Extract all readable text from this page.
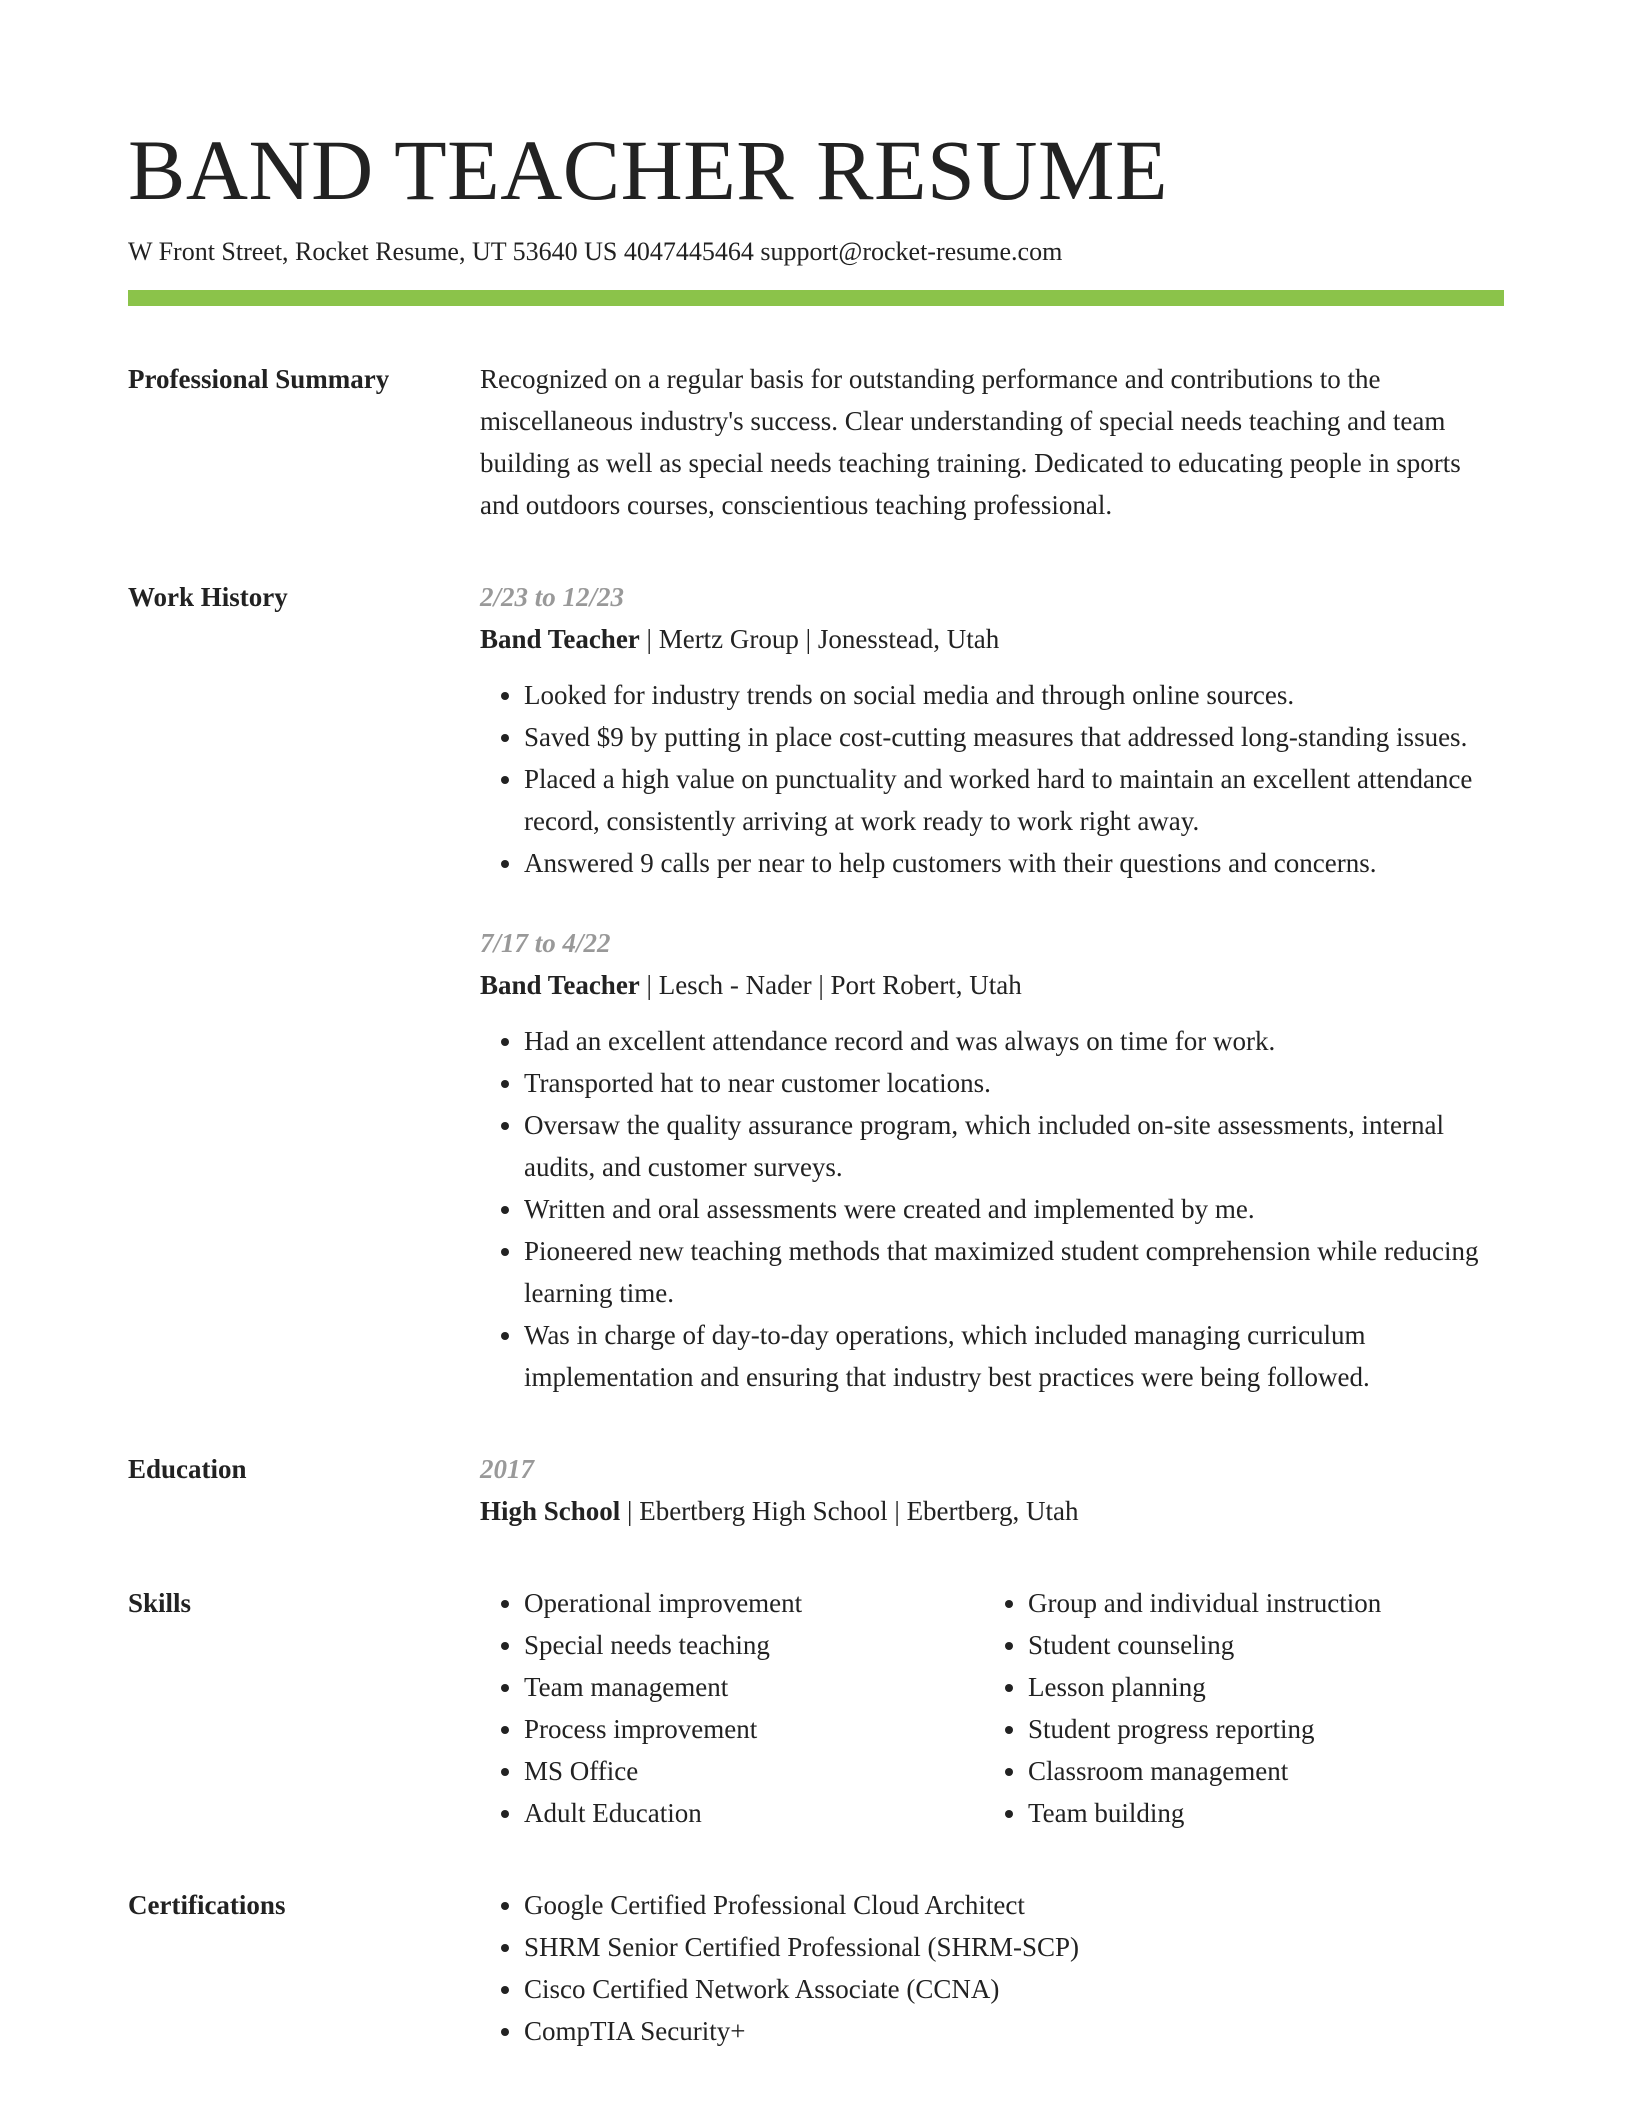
BAND TEACHER RESUME
W Front Street, Rocket Resume, UT 53640 US 4047445464 support@rocket-resume.com
Professional Summary	Recognized on a regular basis for outstanding performance and contributions to the miscellaneous industry's success. Clear understanding of special needs teaching and team building as well as special needs teaching training. Dedicated to educating people in sports and outdoors courses, conscientious teaching professional.

Work History	2/23 to 12/23
Band Teacher | Mertz Group | Jonesstead, Utah
• Looked for industry trends on social media and through online sources.
• Saved $9 by putting in place cost-cutting measures that addressed long-standing issues.
• Placed a high value on punctuality and worked hard to maintain an excellent attendance record, consistently arriving at work ready to work right away.
• Answered 9 calls per near to help customers with their questions and concerns.
7/17 to 4/22
Band Teacher | Lesch - Nader | Port Robert, Utah
• Had an excellent attendance record and was always on time for work.
• Transported hat to near customer locations.
• Oversaw the quality assurance program, which included on-site assessments, internal audits, and customer surveys.
• Written and oral assessments were created and implemented by me.
• Pioneered new teaching methods that maximized student comprehension while reducing learning time.
• Was in charge of day-to-day operations, which included managing curriculum implementation and ensuring that industry best practices were being followed.
Education	2017
High School | Ebertberg High School | Ebertberg, Utah
Skills	• Operational improvement
• Special needs teaching
• Team management
• Process improvement
• MS Office
• Adult Education
• Group and individual instruction
• Student counseling
• Lesson planning
• Student progress reporting
• Classroom management
• Team building
Certifications	• Google Certified Professional Cloud Architect
• SHRM Senior Certified Professional (SHRM-SCP)
• Cisco Certified Network Associate (CCNA)
• CompTIA Security+
